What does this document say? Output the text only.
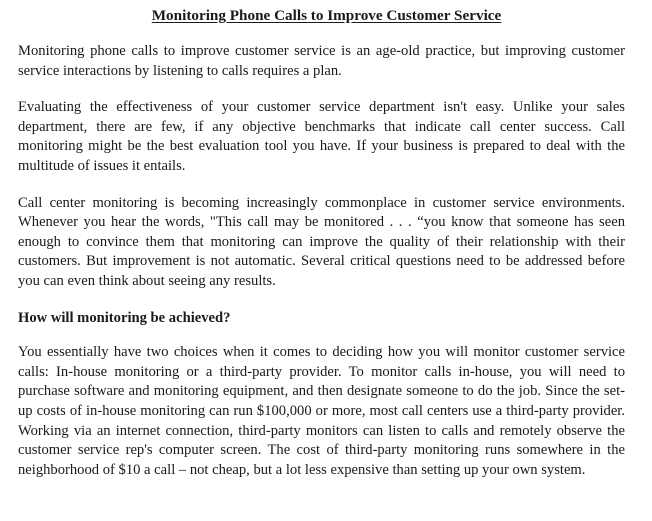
Monitoring Phone Calls to Improve Customer Service

Monitoring phone calls to improve customer service is an age-old practice, but improving customer service interactions by listening to calls requires a plan.

Evaluating the effectiveness of your customer service department isn't easy. Unlike your sales department, there are few, if any objective benchmarks that indicate call center success. Call monitoring might be the best evaluation tool you have. If your business is prepared to deal with the multitude of issues it entails.

Call center monitoring is becoming increasingly commonplace in customer service environments. Whenever you hear the words, "This call may be monitored . . . “you know that someone has seen enough to convince them that monitoring can improve the quality of their relationship with their customers. But improvement is not automatic. Several critical questions need to be addressed before you can even think about seeing any results.

How will monitoring be achieved?

You essentially have two choices when it comes to deciding how you will monitor customer service calls: In-house monitoring or a third-party provider. To monitor calls in-house, you will need to purchase software and monitoring equipment, and then designate someone to do the job. Since the set-up costs of in-house monitoring can run $100,000 or more, most call centers use a third-party provider. Working via an internet connection, third-party monitors can listen to calls and remotely observe the customer service rep's computer screen. The cost of third-party monitoring runs somewhere in the neighborhood of $10 a call – not cheap, but a lot less expensive than setting up your own system.
